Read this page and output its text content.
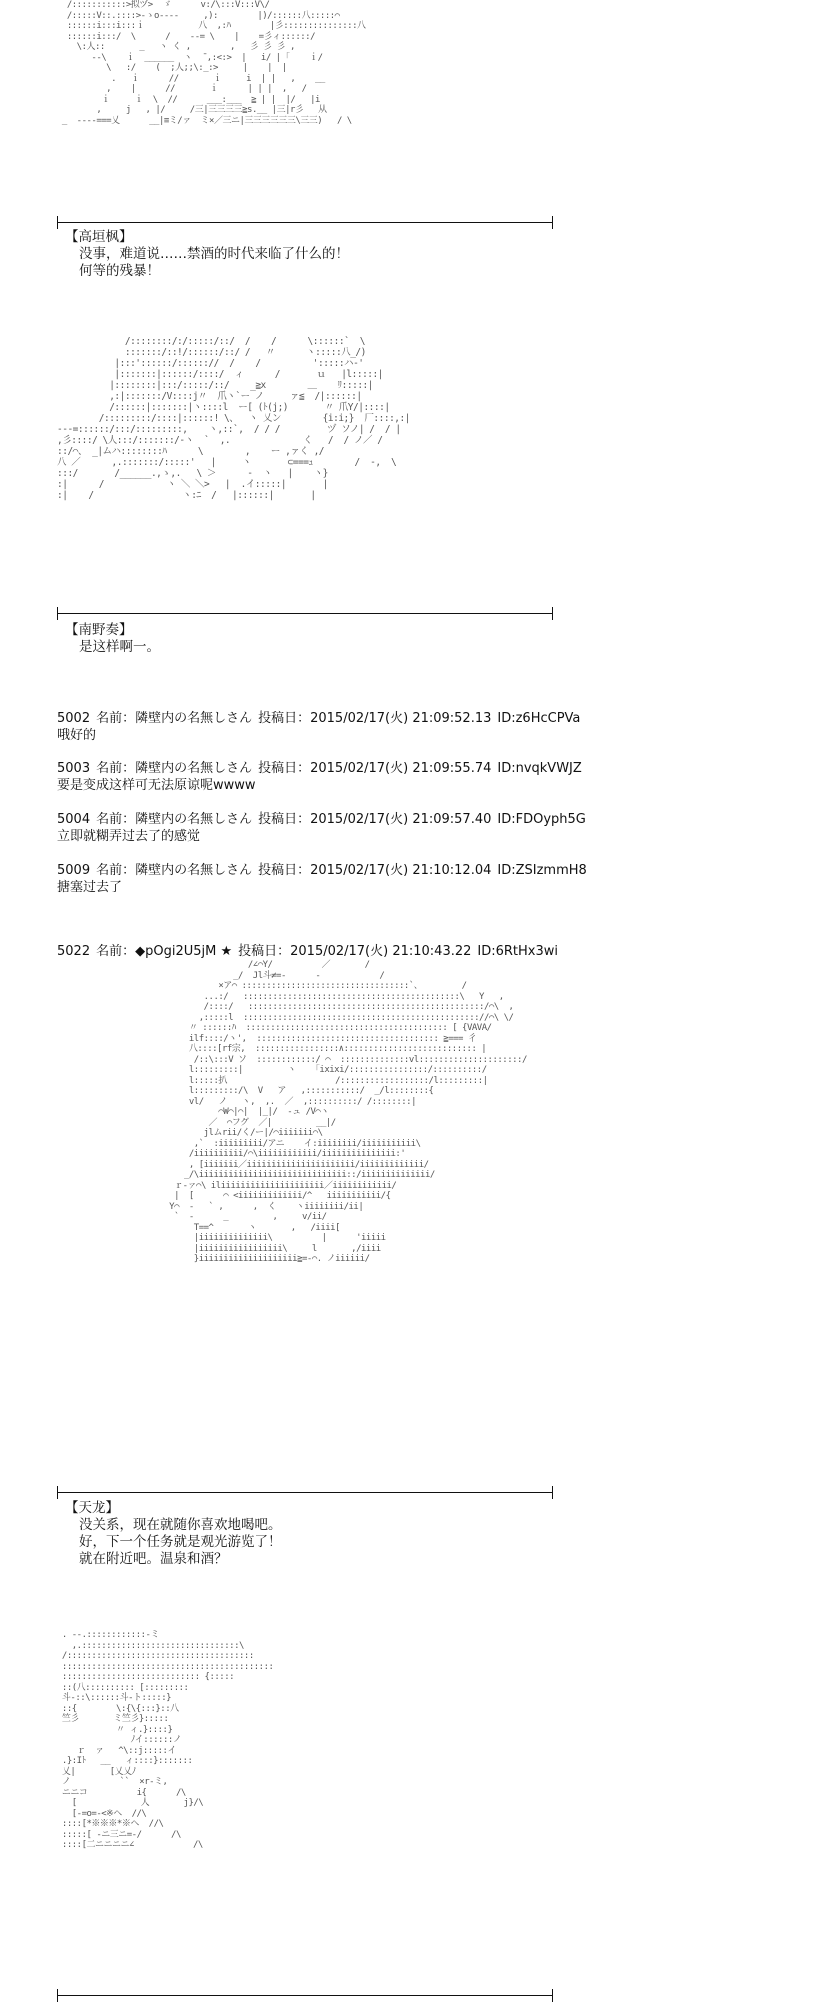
/:::::::::::>拟ヅ>  ゞ      v:/\:::V:::V\/
/:::::V::.::::>-ゝo----     ,):        |)/::::::八:::::⌒
::::::i:::i:::ｉ           八  ,:ﾊ        |彡:::::::::::::::八
::::::i:::/  \      /    --= \    |    =彡ィ::::::/
\:人::       _   ヽ く ,        ,   彡 彡 彡 ,
--\    ｉ  ______  ヽ  ̄ ,:<:>  |   i/ | ｢    ｉ/
\   :/    (  ;人;;\:_:>     |    |  |
.   ｉ      //       ｉ     i  | |   ,    __
,    |      //       ｉ      | | |  ,   /
ｉ     ｉ  \  //      ___:___  ≧ | |  |/   |i
,     j   , |/     /三|三三三三≧s.__ |三|r彡   从
_  ----===乂      __|≡ミ/ァ  ミ×／三ニ|三三三三三三\三三)   / \
【高垣枫】
没事，难道说……禁酒的时代来临了什么的！
何等的残暴！
/::::::::/:/:::::/::/  /    /      \::::::`  \
:::::::/::!/::::::/::/ /   〃      ヽ:::::八_/)
|:::'::::::/:::::://  /    /          ':::::ハ-'
|:::::::|::::::/::::/  ィ      /       ｕ   |l:::::|
|::::::::|:::/:::::/::/    _≧x        ＿    ﾘ:::::|
,:|:::::::/V::::j〃  爪ヽ`ー ノ     ァ≦  /|::::::|
/::::::|:::::::|ヽ::::l  ー[ (ﾄ(j;)       〃 爪Y/|::::|
/:::::::::/::::|::::::! \、  ヽ 乂ン        {i:i;}  厂::::,:|
-‐-=::::::/:::/:::::::::,    ヽ,::`,  / / /         ヅ ソノ| /  / |
,彡::::/ \人:::/:::::::/‐ヽ  `  ,.              く   /  / ノ／ /
::/⌒、 _|ムハ::::::::ﾊ      \        ,    ー ,ァく ,/
八 ／      ,.:::::::/:::::'   |     ヽ       ⊂===ｭ        /  -,  \
:::/       /______.,ゝ,.   \ ＞      -  ヽ   |    ヽ}
:|      /            ヽ ＼ ＼>   |  .イ:::::|       |
:|    /                 ヽ:ﾆ  /   |::::::|       |
【南野奏】
是这样啊一。
5002 名前：隣壁内の名無しさん 投稿日：2015/02/17(火) 21:09:52.13 ID:z6HcCPVa
哦好的
5003 名前：隣壁内の名無しさん 投稿日：2015/02/17(火) 21:09:55.74 ID:nvqkVWJZ
要是变成这样可无法原谅呢wwww
5004 名前：隣壁内の名無しさん 投稿日：2015/02/17(火) 21:09:57.40 ID:FDOyph5G
立即就糊弄过去了的感觉
5009 名前：隣壁内の名無しさん 投稿日：2015/02/17(火) 21:10:12.04 ID:ZSIzmmH8
搪塞过去了
5022 名前：◆pOgi2U5jM ★ 投稿日：2015/02/17(火) 21:10:43.22 ID:6RtHx3wi
/∠⌒Y/          ／       /
_/  Jl斗≠=-      -            /
×ア⌒ ::::::::::::::::::::::::::::::::::`、        /
...:/   ::::::::::::::::::::::::::::::::::::::::::::\   Y   ,
/::::/   ::::::::::::::::::::::::::::::::::::::::::::::::/⌒\  ,
,:::::l  :::::::::::::::::::::::::::::::::::::::::::::::://⌒\ \/
〃 ::::::ﾊ  ::::::::::::::::::::::::::::::::::::::::: [ {VAVA/
ilf::::/ヽ',  ::::::::::::::::::::::::::::::::::::: ≧=== 彳
八::::[rf宗,  :::::::::::::::::∧::::::::::::::::::::::::::: |
/::\:::V ソ  ::::::::::::/ ⌒  ::::::::::::::vl:::::::::::::::::::::/
l:::::::::|         ヽ    ｢ixixi/::::::::::::::::/::::::::::/
l:::::扒                      /::::::::::::::::::/l:::::::::|
l:::::::::/\  V   ア   ,:::::::::::/  _/l::::::::{
vl/   ノ   ヽ,  ,.  ／  ,::::::::::/ /::::::::|
⌒W⌒|⌒|  |_|/  ‐ュ /V⌒ヽ
／  ⌒フグ  ／|         __|/
jlムrii/く/ー|/⌒iiiiiii⌒\
,`  :iiiiiiiii/アニ    イ:iiiiiiii/iiiiiiiiiii\
/iiiiiiiiii/⌒\iiiiiiiiiiii/iiiiiiiiiiiiiii:'
, [iiiiiii／iiiiiiiiiiiiiiiiiiiiii/iiiiiiiiiiiii/
_/\iiiiiiiiiiiiiiiiiiiiiiiiiiiiii::/iiiiiiiiiiiiii/
ｒ‐ァ⌒\ iliiiiiiiiiiiiiiiiiiiii／iiiiiiiiiiii/
|  [      ⌒ <iiiiiiiiiiiii/^   iiiiiiiiiii/{
Y⌒  -   ` ,      ,  く    ヽiiiiiiii/ii|
`  -      _         ,     v/ii/
T==^       ヽ       ,   /iiii[
|iiiiiiiiiiiiii\          |      'iiiii
|iiiiiiiiiiiiiiiii\     l       ,/iiii
}iiiiiiiiiiiiiiiiiiii≧=-⌒. ノiiiiii/
【天龙】
没关系，现在就随你喜欢地喝吧。
好，下一个任务就是观光游览了！
就在附近吧。温泉和酒？
. --.::::::::::::-ミ
,.::::::::::::::::::::::::::::::::\
/::::::::::::::::::::::::::::::::::::::
:::::::::::::::::::::::::::::::::::::::::::
:::::::::::::::::::::::::::: {:::::
::(八:::::::::: [:::::::::
斗-::\::::::斗-ト:::::}
::{        \:{\{:::}::八
竺彡       ミ竺彡}:::::
〃 ィ.}::::}
ﾉイ::::::ノ
ｒ  ァ   ^\::j:::::イ
.}:Iﾄ   __   ィ::::}:::::::
乂|       [乂乂ﾉ
ノ          ``  ×r-ミ,
ニニコ          i{      /\
[             人       j}/\
[-=o=-<※ヘ  //\
::::[*※※※*※ヘ  //\
:::::[ -ニ三ニ=-/      /\
::::[二ニニニニ∠            /\
